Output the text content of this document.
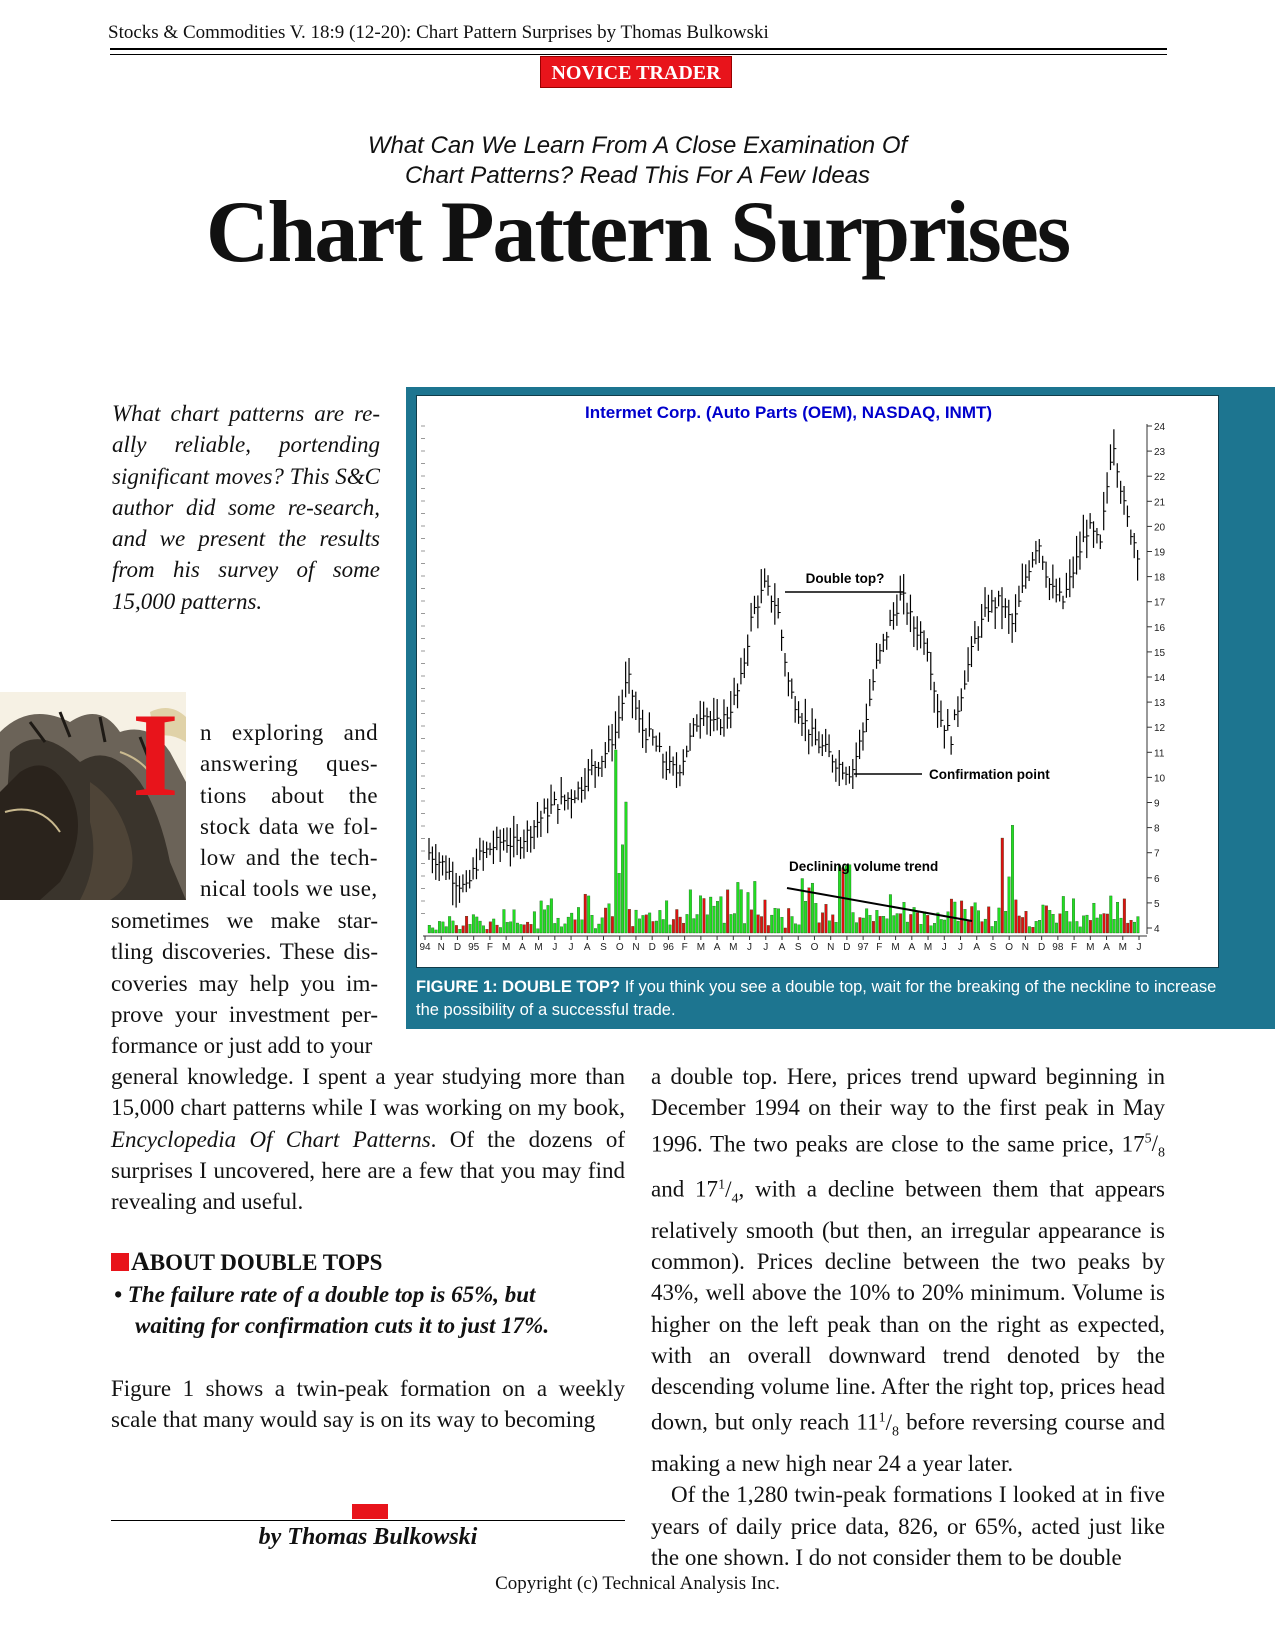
Stocks & Commodities V. 18:9 (12-20): Chart Pattern Surprises by Thomas Bulkowski
NOVICE TRADER
What Can We Learn From A Close Examination Of
Chart Patterns? Read This For A Few Ideas
Chart Pattern Surprises
What chart patterns are re-ally reliable, portending significant moves? This S&C author did some re-search, and we present the results from his survey of some 15,000 patterns.
I n exploring and answering ques-tions about the stock data we fol-low and the tech-nical tools we use,
sometimes we make star-tling discoveries. These dis-coveries may help you im-prove your investment per-formance or just add to your
general knowledge. I spent a year studying more than 15,000 chart patterns while I was working on my book, Encyclopedia Of Chart Patterns. Of the dozens of surprises I uncovered, here are a few that you may find revealing and useful.
ABOUT DOUBLE TOPS
• The failure rate of a double top is 65%, but
waiting for confirmation cuts it to just 17%.
Figure 1 shows a twin-peak formation on a weekly scale that many would say is on its way to becoming
by Thomas Bulkowski
a double top. Here, prices trend upward beginning in December 1994 on their way to the first peak in May 1996. The two peaks are close to the same price, $17^5/_8$ and $17^1/_4$, with a decline between them that appears relatively smooth (but then, an irregular appearance is common). Prices decline between the two peaks by 43%, well above the 10% to 20% minimum. Volume is higher on the left peak than on the right as expected, with an overall downward trend denoted by the descending volume line. After the right top, prices head down, but only reach $11^1/_8$ before reversing course and making a new high near 24 a year later.
Of the 1,280 twin-peak formations I looked at in five years of daily price data, 826, or 65%, acted just like the one shown. I do not consider them to be double
Copyright (c) Technical Analysis Inc.
Intermet Corp. (Auto Parts (OEM), NASDAQ, INMT)
24
23
22
21
20
19
18
17
16
15
14
13
12
11
10
9
8
7
6
5
4
94 N D 95 F M A M J J A S O N D 96 F M A M J J A S O N D 97 F M A M J J A S O N D 98 F M A M J
Double top?
Confirmation point
Declining volume trend
FIGURE 1: DOUBLE TOP? If you think you see a double top, wait for the breaking of the neckline to increase the possibility of a successful trade.
